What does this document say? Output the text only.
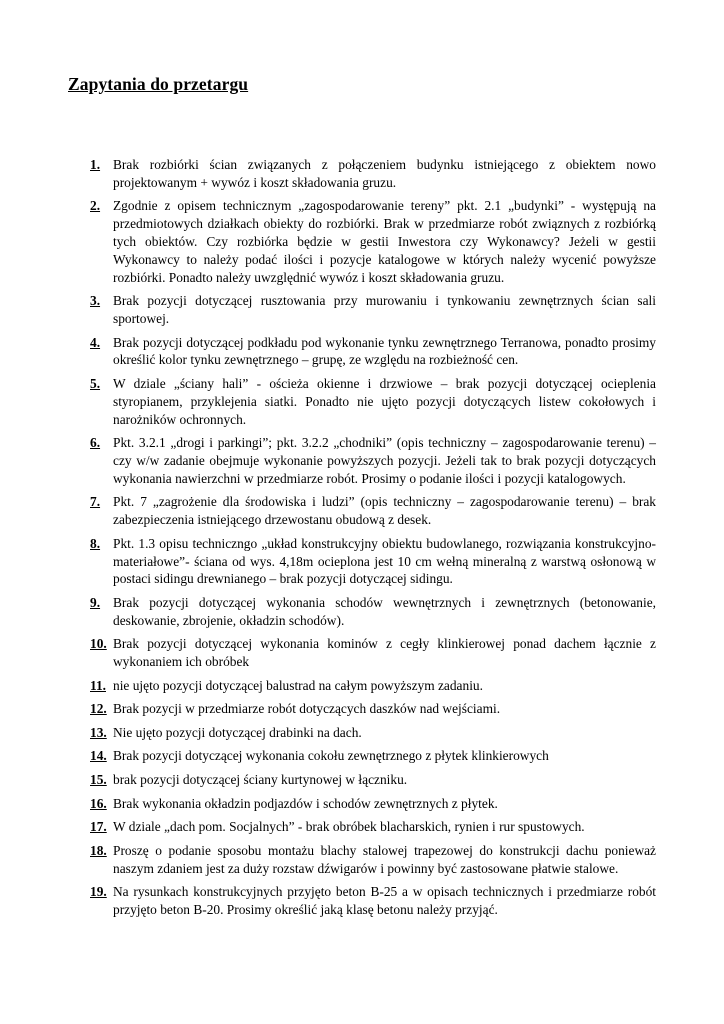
Zapytania do przetargu
1. Brak rozbiórki ścian związanych z połączeniem budynku istniejącego z obiektem nowo projektowanym + wywóz i koszt składowania gruzu.
2. Zgodnie z opisem technicznym „zagospodarowanie tereny” pkt. 2.1 „budynki” - występują na przedmiotowych działkach obiekty do rozbiórki. Brak w przedmiarze robót związnych z rozbiórką tych obiektów. Czy rozbiórka będzie w gestii Inwestora czy Wykonawcy? Jeżeli w gestii Wykonawcy to należy podać ilości i pozycje katalogowe w których należy wycenić powyższe rozbiórki. Ponadto należy uwzględnić wywóz i koszt składowania gruzu.
3. Brak pozycji dotyczącej rusztowania przy murowaniu i tynkowaniu zewnętrznych ścian sali sportowej.
4. Brak pozycji dotyczącej podkładu pod wykonanie tynku zewnętrznego Terranowa, ponadto prosimy określić kolor tynku zewnętrznego – grupę, ze względu na rozbieżność cen.
5. W dziale „ściany hali” - ościeża okienne i drzwiowe – brak pozycji dotyczącej ocieplenia styropianem, przyklejenia siatki. Ponadto nie ujęto pozycji dotyczących listew cokołowych i narożników ochronnych.
6. Pkt. 3.2.1 „drogi i parkingi”; pkt. 3.2.2 „chodniki” (opis techniczny – zagospodarowanie terenu) – czy w/w zadanie obejmuje wykonanie powyższych pozycji. Jeżeli tak to brak pozycji dotyczących wykonania nawierzchni w przedmiarze robót. Prosimy o podanie ilości i pozycji katalogowych.
7. Pkt. 7 „zagrożenie dla środowiska i ludzi” (opis techniczny – zagospodarowanie terenu) – brak zabezpieczenia istniejącego drzewostanu obudową z desek.
8. Pkt. 1.3 opisu techniczngo „układ konstrukcyjny obiektu budowlanego, rozwiązania konstrukcyjno-materiałowe”- ściana od wys. 4,18m ocieplona jest 10 cm wełną mineralną z warstwą osłonową w postaci sidingu drewnianego – brak pozycji dotyczącej sidingu.
9. Brak pozycji dotyczącej wykonania schodów wewnętrznych i zewnętrznych (betonowanie, deskowanie, zbrojenie, okładzin schodów).
10. Brak pozycji dotyczącej wykonania kominów z cegły klinkierowej ponad dachem łącznie z wykonaniem ich obróbek
11. nie ujęto pozycji dotyczącej balustrad na całym powyższym zadaniu.
12. Brak pozycji w przedmiarze robót dotyczących daszków nad wejściami.
13. Nie ujęto pozycji dotyczącej drabinki na dach.
14. Brak pozycji dotyczącej wykonania cokołu zewnętrznego z płytek klinkierowych
15. brak pozycji dotyczącej ściany kurtynowej w łączniku.
16. Brak wykonania okładzin podjazdów i schodów zewnętrznych z płytek.
17. W dziale „dach pom. Socjalnych” - brak obróbek blacharskich, rynien i rur spustowych.
18. Proszę o podanie sposobu montażu blachy stalowej trapezowej do konstrukcji dachu ponieważ naszym zdaniem jest za duży rozstaw dźwigarów i powinny być zastosowane płatwie stalowe.
19. Na rysunkach konstrukcyjnych przyjęto beton B-25 a w opisach technicznych i przedmiarze robót przyjęto beton B-20. Prosimy określić jaką klasę betonu należy przyjąć.
